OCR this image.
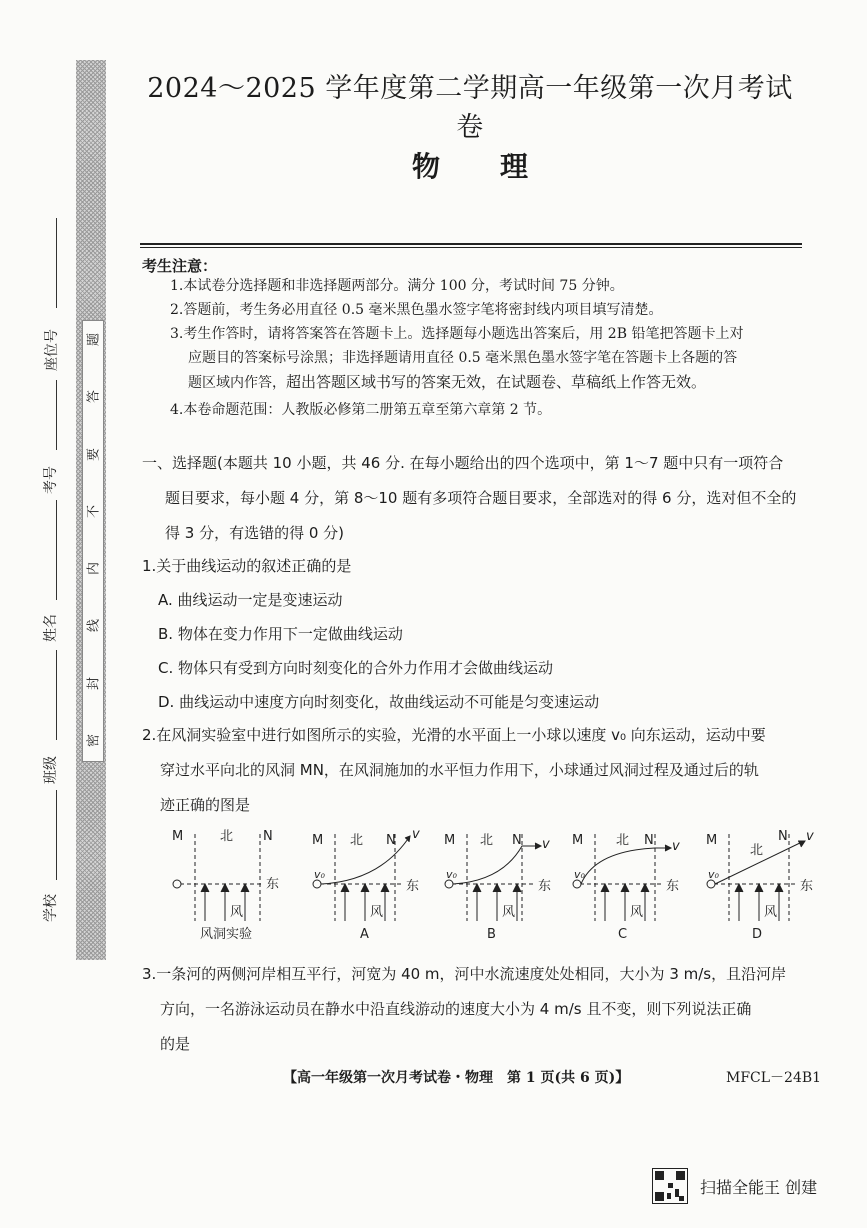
题
答
要
不
内
线
封
密
座位号
考号
姓名
班级
学校
2024～2025 学年度第二学期高一年级第一次月考试卷
物理
考生注意：
1.本试卷分选择题和非选择题两部分。满分 100 分，考试时间 75 分钟。
2.答题前，考生务必用直径 0.5 毫米黑色墨水签字笔将密封线内项目填写清楚。
3.考生作答时，请将答案答在答题卡上。选择题每小题选出答案后，用 2B 铅笔把答题卡上对
应题目的答案标号涂黑；非选择题请用直径 0.5 毫米黑色墨水签字笔在答题卡上各题的答
题区域内作答，超出答题区域书写的答案无效，在试题卷、草稿纸上作答无效。
4.本卷命题范围：人教版必修第二册第五章至第六章第 2 节。
一、选择题(本题共 10 小题，共 46 分. 在每小题给出的四个选项中，第 1～7 题中只有一项符合
题目要求，每小题 4 分，第 8～10 题有多项符合题目要求，全部选对的得 6 分，选对但不全的
得 3 分，有选错的得 0 分)
1.关于曲线运动的叙述正确的是
A. 曲线运动一定是变速运动
B. 物体在变力作用下一定做曲线运动
C. 物体只有受到方向时刻变化的合外力作用才会做曲线运动
D. 曲线运动中速度方向时刻变化，故曲线运动不可能是匀变速运动
2.在风洞实验室中进行如图所示的实验，光滑的水平面上一小球以速度 v₀ 向东运动，运动中要
穿过水平向北的风洞 MN，在风洞施加的水平恒力作用下，小球通过风洞过程及通过后的轨
迹正确的图是
M	N
北
东
风
风洞实验
M	N
北	v
v₀
东
风
A
M	N
北	v
v₀
东
风
B
M	N
北	v
v₀
东
风
C
M	N
北
v
v₀
东
风
D
3.一条河的两侧河岸相互平行，河宽为 40 m，河中水流速度处处相同，大小为 3 m/s，且沿河岸
方向，一名游泳运动员在静水中沿直线游动的速度大小为 4 m/s 且不变，则下列说法正确
的是
【高一年级第一次月考试卷・物理　第 1 页(共 6 页)】	MFCL－24B1
扫描全能王 创建
